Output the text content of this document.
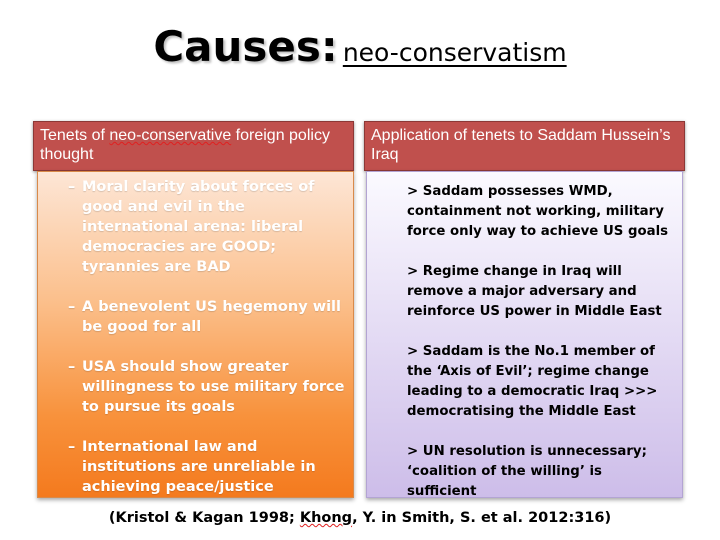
Causes: neo-conservatism
Tenets of neo-conservative foreign policy thought
Application of tenets to Saddam Hussein’s Iraq
– Moral clarity about forces of good and evil in the international arena: liberal democracies are GOOD; tyrannies are BAD
– A benevolent US hegemony will be good for all
– USA should show greater willingness to use military force to pursue its goals
– International law and institutions are unreliable in achieving peace/justice

> Saddam possesses WMD, containment not working, military force only way to achieve US goals

> Regime change in Iraq will remove a major adversary and reinforce US power in Middle East

> Saddam is the No.1 member of the ‘Axis of Evil’; regime change leading to a democratic Iraq >>> democratising the Middle East

> UN resolution is unnecessary; ‘coalition of the willing’ is sufficient

(Kristol & Kagan 1998; Khong, Y. in Smith, S. et al. 2012:316)
